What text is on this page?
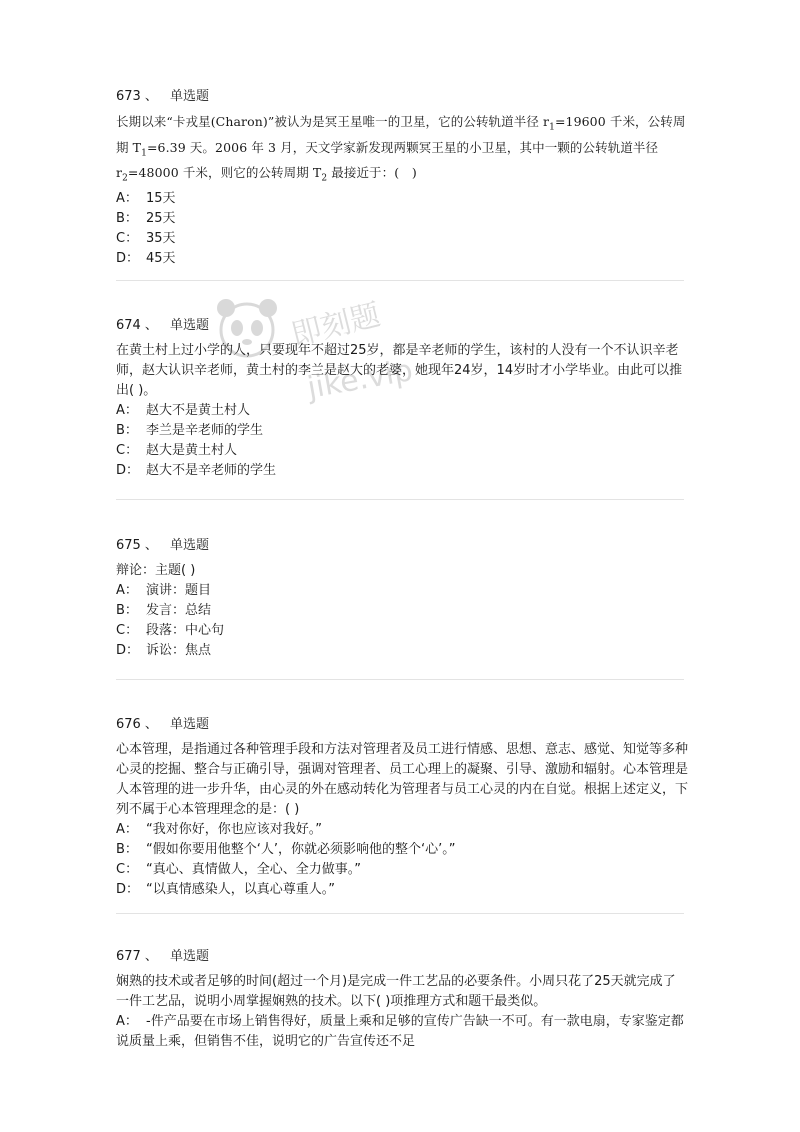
673 、 单选题

长期以来“卡戎星(Charon)”被认为是冥王星唯一的卫星，它的公转轨道半径 $r_1=19600$ 千米，公转周期 $T_1=6.39$ 天。2006 年 3 月，天文学家新发现两颗冥王星的小卫星，其中一颗的公转轨道半径 $r_2=48000$ 千米，则它的公转周期 $T_2$ 最接近于：(　)

A： 15天
B： 25天
C： 35天
D： 45天
674 、 单选题

在黄土村上过小学的人，只要现年不超过25岁，都是辛老师的学生，该村的人没有一个不认识辛老师，赵大认识辛老师，黄土村的李兰是赵大的老婆，她现年24岁，14岁时才小学毕业。由此可以推出( )。

A： 赵大不是黄土村人
B： 李兰是辛老师的学生
C： 赵大是黄土村人
D： 赵大不是辛老师的学生
675 、 单选题

辩论：主题( )

A： 演讲：题目
B： 发言：总结
C： 段落：中心句
D： 诉讼：焦点
676 、 单选题

心本管理，是指通过各种管理手段和方法对管理者及员工进行情感、思想、意志、感觉、知觉等多种心灵的挖掘、整合与正确引导，强调对管理者、员工心理上的凝聚、引导、激励和辐射。心本管理是人本管理的进一步升华，由心灵的外在感动转化为管理者与员工心灵的内在自觉。根据上述定义，下列不属于心本管理理念的是：( )

A： “我对你好，你也应该对我好。”
B： “假如你要用他整个‘人’，你就必须影响他的整个‘心’。”
C： “真心、真情做人，全心、全力做事。”
D： “以真情感染人，以真心尊重人。”
677 、 单选题

娴熟的技术或者足够的时间(超过一个月)是完成一件工艺品的必要条件。小周只花了25天就完成了一件工艺品，说明小周掌握娴熟的技术。以下( )项推理方式和题干最类似。

A： -件产品要在市场上销售得好，质量上乘和足够的宣传广告缺一不可。有一款电扇，专家鉴定都说质量上乘，但销售不佳，说明它的广告宣传还不足
即刻题
jike.vip
